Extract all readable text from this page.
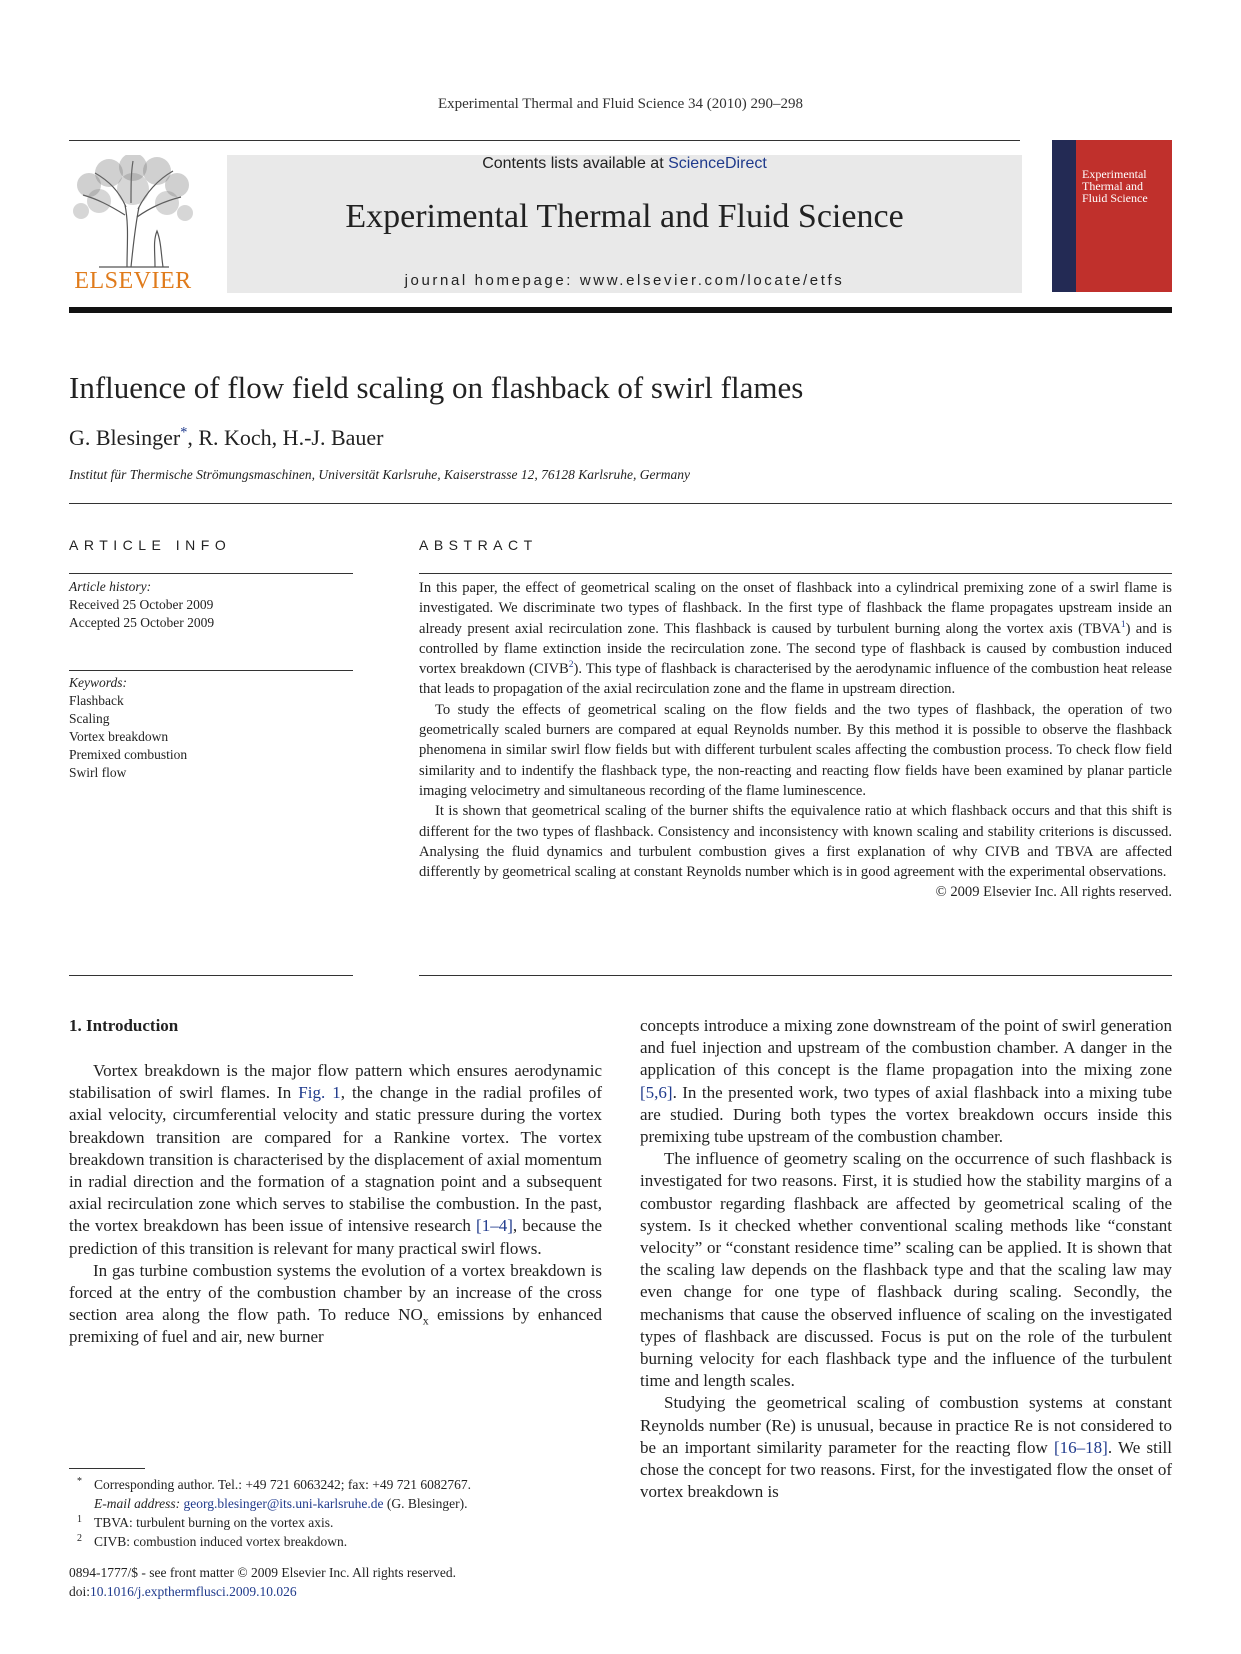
Experimental Thermal and Fluid Science 34 (2010) 290–298
ELSEVIER
Contents lists available at ScienceDirect
Experimental Thermal and Fluid Science
journal homepage: www.elsevier.com/locate/etfs
Experimental
Thermal and
Fluid Science
Influence of flow field scaling on flashback of swirl flames
G. Blesinger*, R. Koch, H.-J. Bauer
Institut für Thermische Strömungsmaschinen, Universität Karlsruhe, Kaiserstrasse 12, 76128 Karlsruhe, Germany
ARTICLE INFO
Article history:
Received 25 October 2009
Accepted 25 October 2009
Keywords:
Flashback
Scaling
Vortex breakdown
Premixed combustion
Swirl flow
ABSTRACT

In this paper, the effect of geometrical scaling on the onset of flashback into a cylindrical premixing zone of a swirl flame is investigated. We discriminate two types of flashback. In the first type of flashback the flame propagates upstream inside an already present axial recirculation zone. This flashback is caused by turbulent burning along the vortex axis (TBVA$^1$) and is controlled by flame extinction inside the recirculation zone. The second type of flashback is caused by combustion induced vortex breakdown (CIVB$^2$). This type of flashback is characterised by the aerodynamic influence of the combustion heat release that leads to propagation of the axial recirculation zone and the flame in upstream direction.

To study the effects of geometrical scaling on the flow fields and the two types of flashback, the operation of two geometrically scaled burners are compared at equal Reynolds number. By this method it is possible to observe the flashback phenomena in similar swirl flow fields but with different turbulent scales affecting the combustion process. To check flow field similarity and to indentify the flashback type, the non-reacting and reacting flow fields have been examined by planar particle imaging velocimetry and simultaneous recording of the flame luminescence.

It is shown that geometrical scaling of the burner shifts the equivalence ratio at which flashback occurs and that this shift is different for the two types of flashback. Consistency and inconsistency with known scaling and stability criterions is discussed. Analysing the fluid dynamics and turbulent combustion gives a first explanation of why CIVB and TBVA are affected differently by geometrical scaling at constant Reynolds number which is in good agreement with the experimental observations.

© 2009 Elsevier Inc. All rights reserved.
1. Introduction

Vortex breakdown is the major flow pattern which ensures aerodynamic stabilisation of swirl flames. In Fig. 1, the change in the radial profiles of axial velocity, circumferential velocity and static pressure during the vortex breakdown transition are compared for a Rankine vortex. The vortex breakdown transition is characterised by the displacement of axial momentum in radial direction and the formation of a stagnation point and a subsequent axial recirculation zone which serves to stabilise the combustion. In the past, the vortex breakdown has been issue of intensive research [1–4], because the prediction of this transition is relevant for many practical swirl flows.

In gas turbine combustion systems the evolution of a vortex breakdown is forced at the entry of the combustion chamber by an increase of the cross section area along the flow path. To reduce $NO_x$ emissions by enhanced premixing of fuel and air, new burner

concepts introduce a mixing zone downstream of the point of swirl generation and fuel injection and upstream of the combustion chamber. A danger in the application of this concept is the flame propagation into the mixing zone [5,6]. In the presented work, two types of axial flashback into a mixing tube are studied. During both types the vortex breakdown occurs inside this premixing tube upstream of the combustion chamber.

The influence of geometry scaling on the occurrence of such flashback is investigated for two reasons. First, it is studied how the stability margins of a combustor regarding flashback are affected by geometrical scaling of the system. Is it checked whether conventional scaling methods like “constant velocity” or “constant residence time” scaling can be applied. It is shown that the scaling law depends on the flashback type and that the scaling law may even change for one type of flashback during scaling. Secondly, the mechanisms that cause the observed influence of scaling on the investigated types of flashback are discussed. Focus is put on the role of the turbulent burning velocity for each flashback type and the influence of the turbulent time and length scales.

Studying the geometrical scaling of combustion systems at constant Reynolds number (Re) is unusual, because in practice Re is not considered to be an important similarity parameter for the reacting flow [16–18]. We still chose the concept for two reasons. First, for the investigated flow the onset of vortex breakdown is

* Corresponding author. Tel.: +49 721 6063242; fax: +49 721 6082767.
E-mail address: georg.blesinger@its.uni-karlsruhe.de (G. Blesinger).
1 TBVA: turbulent burning on the vortex axis.
2 CIVB: combustion induced vortex breakdown.
0894-1777/$ - see front matter © 2009 Elsevier Inc. All rights reserved.
doi:10.1016/j.expthermflusci.2009.10.026
